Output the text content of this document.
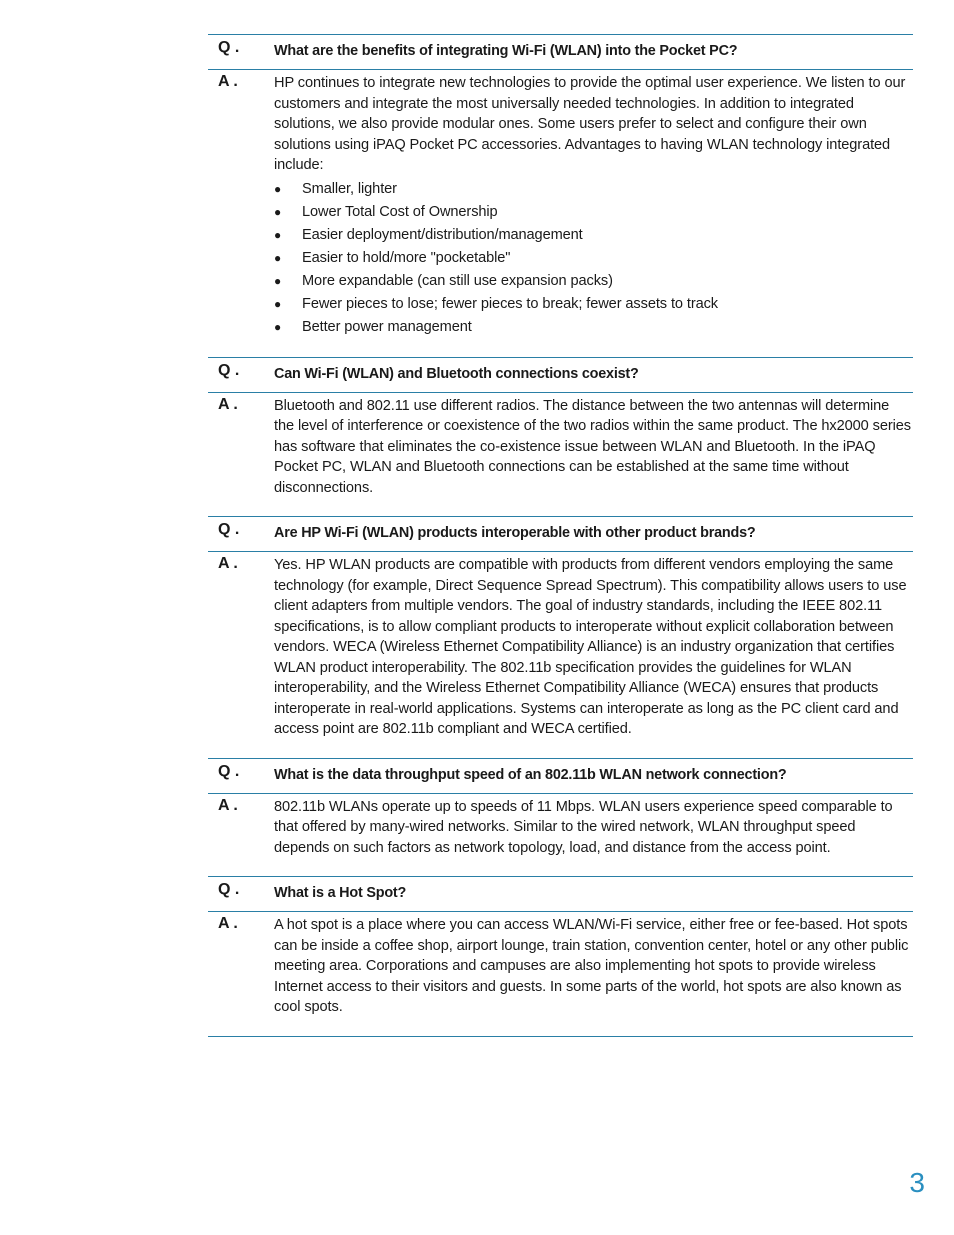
Q .	What are the benefits of integrating Wi-Fi (WLAN) into the Pocket PC?
A .	HP continues to integrate new technologies to provide the optimal user experience. We listen to our customers and integrate the most universally needed technologies. In addition to integrated solutions, we also provide modular ones. Some users prefer to select and configure their own solutions using iPAQ Pocket PC accessories. Advantages to having WLAN technology integrated include:
● Smaller, lighter
● Lower Total Cost of Ownership
● Easier deployment/distribution/management
● Easier to hold/more "pocketable"
● More expandable (can still use expansion packs)
● Fewer pieces to lose; fewer pieces to break; fewer assets to track
● Better power management
Q .	Can Wi-Fi (WLAN) and Bluetooth connections coexist?
A .	Bluetooth and 802.11 use different radios. The distance between the two antennas will determine the level of interference or coexistence of the two radios within the same product. The hx2000 series has software that eliminates the co-existence issue between WLAN and Bluetooth. In the iPAQ Pocket PC, WLAN and Bluetooth connections can be established at the same time without disconnections.
Q .	Are HP Wi-Fi (WLAN) products interoperable with other product brands?
A .	Yes. HP WLAN products are compatible with products from different vendors employing the same technology (for example, Direct Sequence Spread Spectrum). This compatibility allows users to use client adapters from multiple vendors. The goal of industry standards, including the IEEE 802.11 specifications, is to allow compliant products to interoperate without explicit collaboration between vendors. WECA (Wireless Ethernet Compatibility Alliance) is an industry organization that certifies WLAN product interoperability. The 802.11b specification provides the guidelines for WLAN interoperability, and the Wireless Ethernet Compatibility Alliance (WECA) ensures that products interoperate in real-world applications. Systems can interoperate as long as the PC client card and access point are 802.11b compliant and WECA certified.
Q .	What is the data throughput speed of an 802.11b WLAN network connection?
A .	802.11b WLANs operate up to speeds of 11 Mbps. WLAN users experience speed comparable to that offered by many-wired networks. Similar to the wired network, WLAN throughput speed depends on such factors as network topology, load, and distance from the access point.
Q .	What is a Hot Spot?
A .	A hot spot is a place where you can access WLAN/Wi-Fi service, either free or fee-based. Hot spots can be inside a coffee shop, airport lounge, train station, convention center, hotel or any other public meeting area. Corporations and campuses are also implementing hot spots to provide wireless Internet access to their visitors and guests. In some parts of the world, hot spots are also known as cool spots.
3
